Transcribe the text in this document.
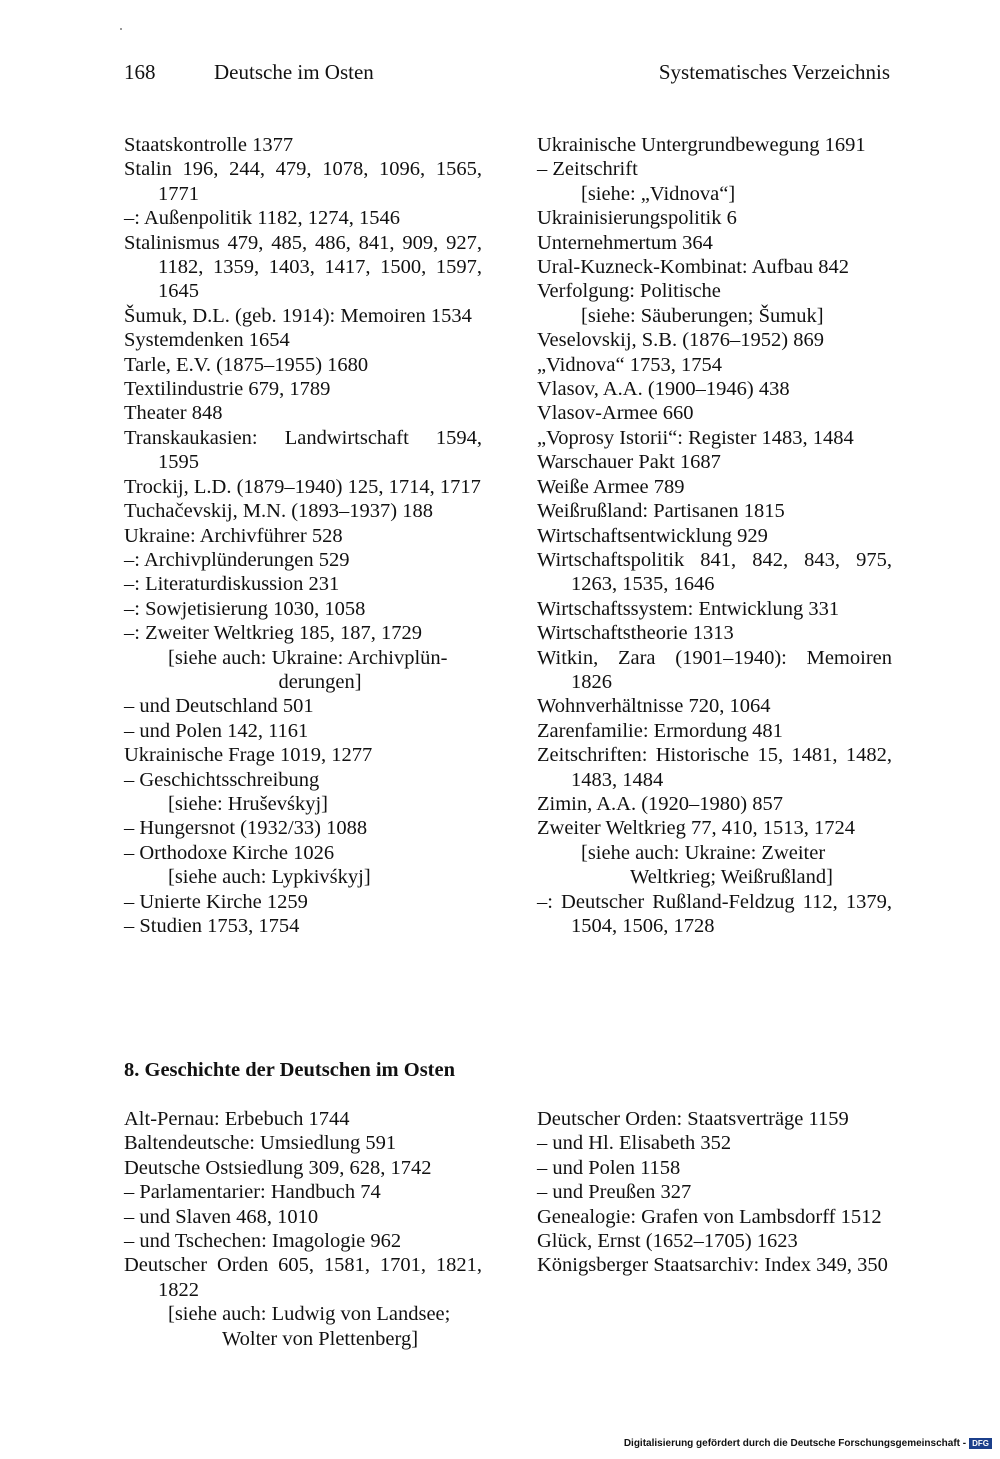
168	Deutsche im Osten	Systematisches Verzeichnis
Staatskontrolle 1377
Stalin 196, 244, 479, 1078, 1096, 1565, 1771
–: Außenpolitik 1182, 1274, 1546
Stalinismus 479, 485, 486, 841, 909, 927, 1182, 1359, 1403, 1417, 1500, 1597, 1645
Šumuk, D.L. (geb. 1914): Memoiren 1534
Systemdenken 1654
Tarle, E.V. (1875–1955) 1680
Textilindustrie 679, 1789
Theater 848
Transkaukasien: Landwirtschaft 1594, 1595
Trockij, L.D. (1879–1940) 125, 1714, 1717
Tuchačevskij, M.N. (1893–1937) 188
Ukraine: Archivführer 528
–: Archivplünderungen 529
–: Literaturdiskussion 231
–: Sowjetisierung 1030, 1058
–: Zweiter Weltkrieg 185, 187, 1729
[siehe auch: Ukraine: Archivplün-
derungen]
– und Deutschland 501
– und Polen 142, 1161
Ukrainische Frage 1019, 1277
– Geschichtsschreibung
[siehe: Hruševśkyj]
– Hungersnot (1932/33) 1088
– Orthodoxe Kirche 1026
[siehe auch: Lypkivśkyj]
– Unierte Kirche 1259
– Studien 1753, 1754
Ukrainische Untergrundbewegung 1691
– Zeitschrift
[siehe: „Vidnova“]
Ukrainisierungspolitik 6
Unternehmertum 364
Ural-Kuzneck-Kombinat: Aufbau 842
Verfolgung: Politische
[siehe: Säuberungen; Šumuk]
Veselovskij, S.B. (1876–1952) 869
„Vidnova“ 1753, 1754
Vlasov, A.A. (1900–1946) 438
Vlasov-Armee 660
„Voprosy Istorii“: Register 1483, 1484
Warschauer Pakt 1687
Weiße Armee 789
Weißrußland: Partisanen 1815
Wirtschaftsentwicklung 929
Wirtschaftspolitik 841, 842, 843, 975, 1263, 1535, 1646
Wirtschaftssystem: Entwicklung 331
Wirtschaftstheorie 1313
Witkin, Zara (1901–1940): Memoiren 1826
Wohnverhältnisse 720, 1064
Zarenfamilie: Ermordung 481
Zeitschriften: Historische 15, 1481, 1482, 1483, 1484
Zimin, A.A. (1920–1980) 857
Zweiter Weltkrieg 77, 410, 1513, 1724
[siehe auch: Ukraine: Zweiter
Weltkrieg; Weißrußland]
–: Deutscher Rußland-Feldzug 112, 1379, 1504, 1506, 1728
8. Geschichte der Deutschen im Osten
Alt-Pernau: Erbebuch 1744
Baltendeutsche: Umsiedlung 591
Deutsche Ostsiedlung 309, 628, 1742
– Parlamentarier: Handbuch 74
– und Slaven 468, 1010
– und Tschechen: Imagologie 962
Deutscher Orden 605, 1581, 1701, 1821, 1822
[siehe auch: Ludwig von Landsee;
Wolter von Plettenberg]
Deutscher Orden: Staatsverträge 1159
– und Hl. Elisabeth 352
– und Polen 1158
– und Preußen 327
Genealogie: Grafen von Lambsdorff 1512
Glück, Ernst (1652–1705) 1623
Königsberger Staatsarchiv: Index 349, 350
Digitalisierung gefördert durch die Deutsche Forschungsgemeinschaft - DFG
